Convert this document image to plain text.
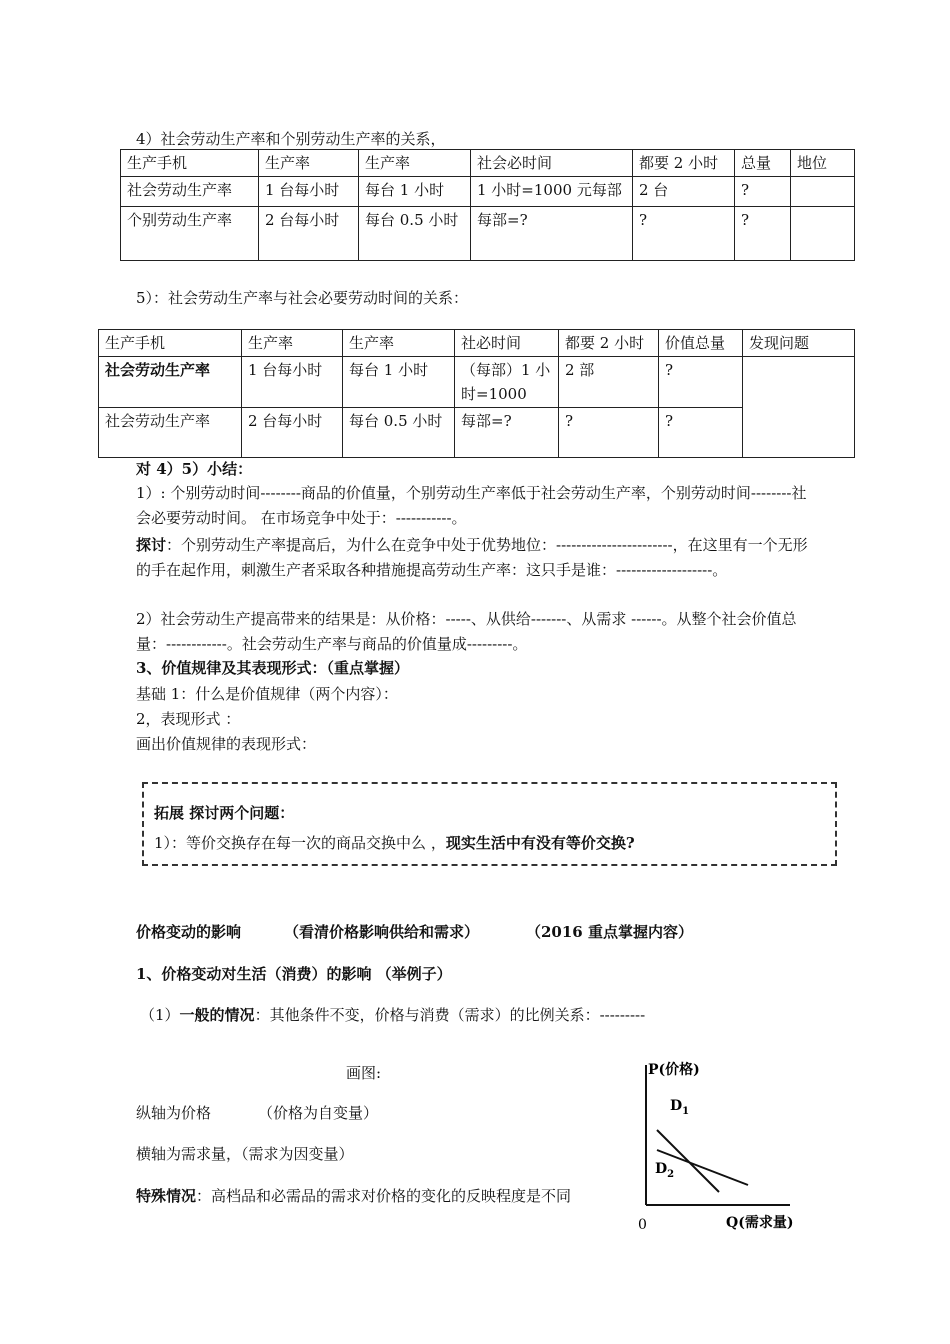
4）社会劳动生产率和个别劳动生产率的关系，
生产手机	生产率	生产率	社会必时间	都要 2 小时	总量	地位
社会劳动生产率	1 台每小时	每台 1 小时	1 小时=1000 元每部	2 台	?	
个别劳动生产率	2 台每小时	每台 0.5 小时	每部=?	?	?	
5）：社会劳动生产率与社会必要劳动时间的关系：
生产手机	生产率	生产率	社必时间	都要 2 小时	价值总量	发现问题
社会劳动生产率	1 台每小时	每台 1 小时	（每部）1 小时=1000	2 部	?	
社会劳动生产率	2 台每小时	每台 0.5 小时	每部=?	?	?	
对 4）5）小结：
1）: 个别劳动时间--------商品的价值量，个别劳动生产率低于社会劳动生产率，个别劳动时间--------社会必要劳动时间。 在市场竞争中处于：-----------。
探讨：个别劳动生产率提高后，为什么在竞争中处于优势地位：-----------------------，在这里有一个无形的手在起作用，刺激生产者采取各种措施提高劳动生产率：这只手是谁：-------------------。
2）社会劳动生产提高带来的结果是：从价格：-----、从供给-------、从需求 ------。从整个社会价值总量：------------。社会劳动生产率与商品的价值量成---------。
3、价值规律及其表现形式：（重点掌握）
基础 1：什么是价值规律（两个内容）：
2，表现形式 ：
画出价值规律的表现形式：
拓展 探讨两个问题：
1）：等价交换存在每一次的商品交换中么 ，现实生活中有没有等价交换?
价格变动的影响	（看清价格影响供给和需求）	（2016 重点掌握内容）
1、价格变动对生活（消费）的影响 （举例子）
（1）一般的情况：其他条件不变，价格与消费（需求）的比例关系：---------
画图:
纵轴为价格	（价格为自变量）
横轴为需求量，（需求为因变量）
特殊情况：高档品和必需品的需求对价格的变化的反映程度是不同
P(价格)
Q(需求量)
0
$D_1$
$D_2$
